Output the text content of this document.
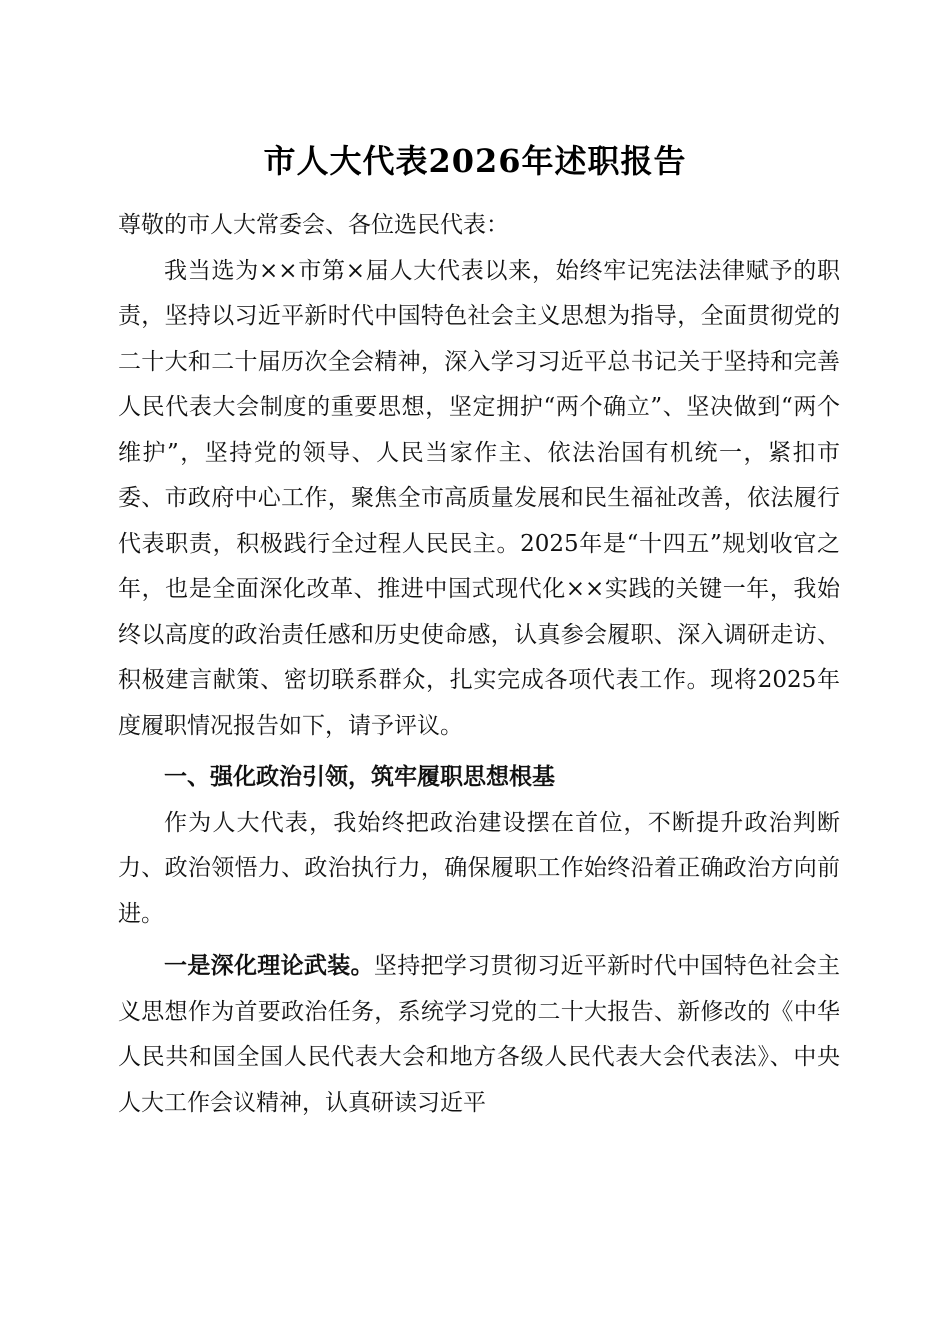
市人大代表2026年述职报告

尊敬的市人大常委会、各位选民代表：

我当选为××市第×届人大代表以来，始终牢记宪法法律赋予的职责，坚持以习近平新时代中国特色社会主义思想为指导，全面贯彻党的二十大和二十届历次全会精神，深入学习习近平总书记关于坚持和完善人民代表大会制度的重要思想，坚定拥护“两个确立”、坚决做到“两个维护”，坚持党的领导、人民当家作主、依法治国有机统一，紧扣市委、市政府中心工作，聚焦全市高质量发展和民生福祉改善，依法履行代表职责，积极践行全过程人民民主。2025年是“十四五”规划收官之年，也是全面深化改革、推进中国式现代化××实践的关键一年，我始终以高度的政治责任感和历史使命感，认真参会履职、深入调研走访、积极建言献策、密切联系群众，扎实完成各项代表工作。现将2025年度履职情况报告如下，请予评议。

一、强化政治引领，筑牢履职思想根基

作为人大代表，我始终把政治建设摆在首位，不断提升政治判断力、政治领悟力、政治执行力，确保履职工作始终沿着正确政治方向前进。

一是深化理论武装。坚持把学习贯彻习近平新时代中国特色社会主义思想作为首要政治任务，系统学习党的二十大报告、新修改的《中华人民共和国全国人民代表大会和地方各级人民代表大会代表法》、中央人大工作会议精神，认真研读习近平
